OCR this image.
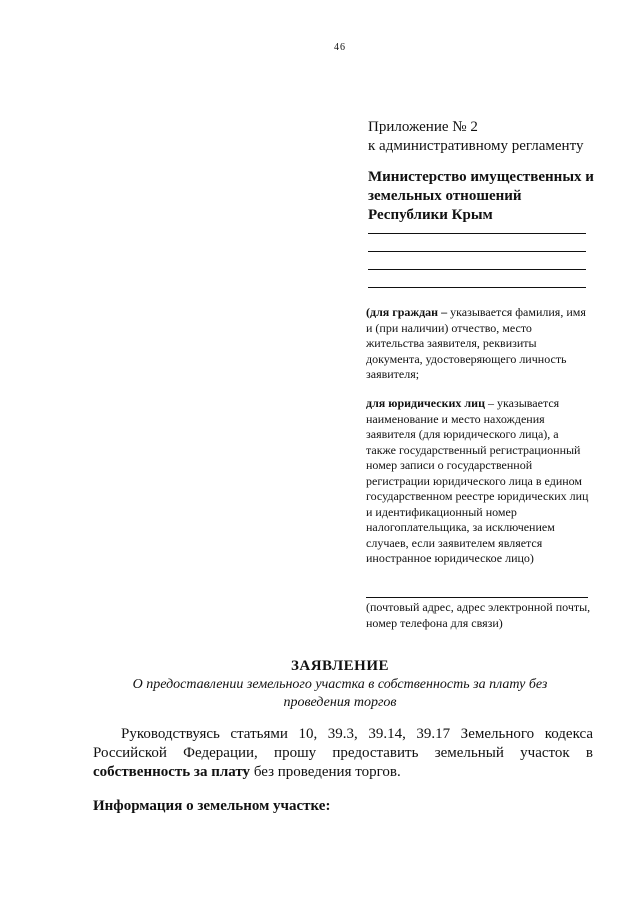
46
Приложение № 2
к административному регламенту
Министерство имущественных и
земельных отношений
Республики Крым
(для граждан – указывается фамилия, имя и (при наличии) отчество, место жительства заявителя, реквизиты документа, удостоверяющего личность заявителя;
для юридических лиц – указывается наименование и место нахождения заявителя (для юридического лица), а также государственный регистрационный номер записи о государственной регистрации юридического лица в едином государственном реестре юридических лиц и идентификационный номер налогоплательщика, за исключением случаев, если заявителем является иностранное юридическое лицо)
(почтовый адрес, адрес электронной почты, номер телефона для связи)
ЗАЯВЛЕНИЕ
О предоставлении земельного участка в собственность за плату без проведения торгов
Руководствуясь статьями 10, 39.3, 39.14, 39.17 Земельного кодекса Российской Федерации, прошу предоставить земельный участок в собственность за плату без проведения торгов.
Информация о земельном участке:
